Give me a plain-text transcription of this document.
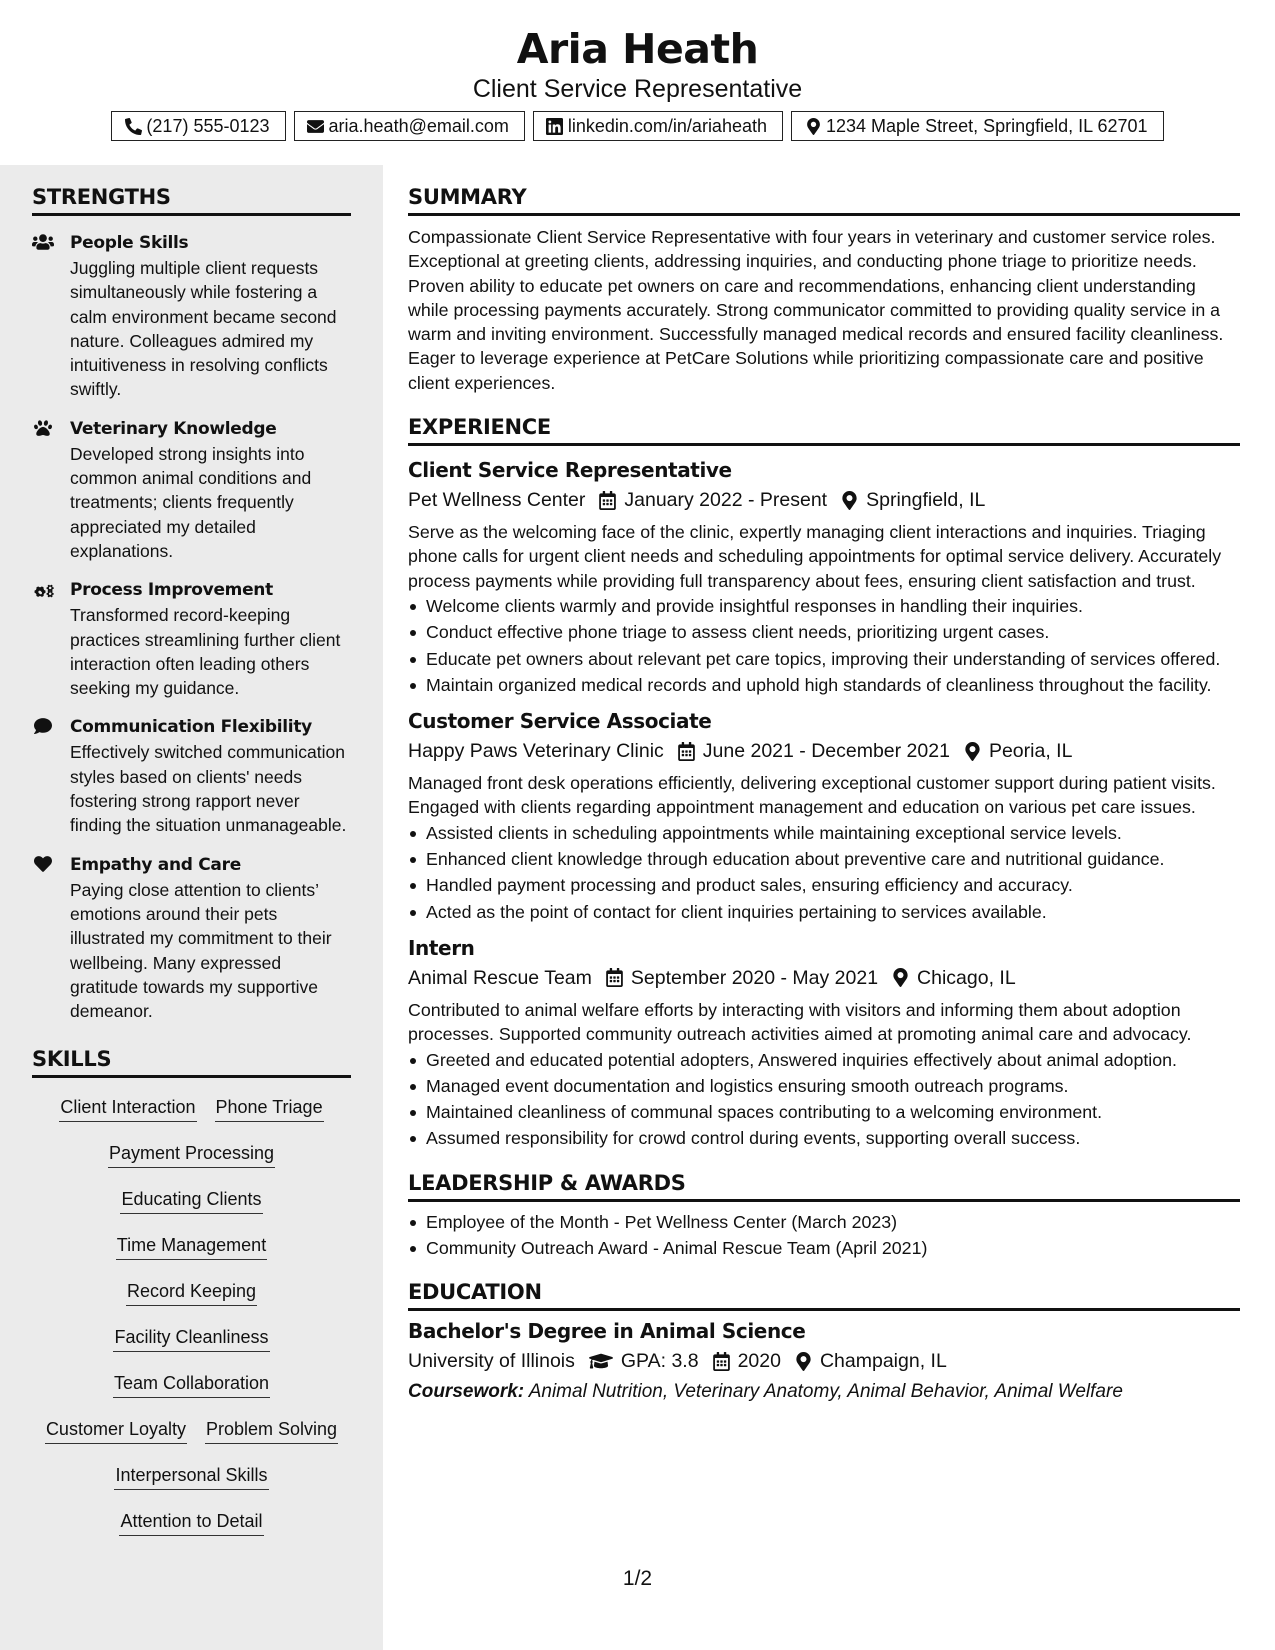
Aria Heath
Client Service Representative
(217) 555-0123	aria.heath@email.com	linkedin.com/in/ariaheath	1234 Maple Street, Springfield, IL 62701
STRENGTHS
People Skills
Juggling multiple client requests simultaneously while fostering a calm environment became second nature. Colleagues admired my intuitiveness in resolving conflicts swiftly.
Veterinary Knowledge
Developed strong insights into common animal conditions and treatments; clients frequently appreciated my detailed explanations.
Process Improvement
Transformed record-keeping practices streamlining further client interaction often leading others seeking my guidance.
Communication Flexibility
Effectively switched communication styles based on clients' needs fostering strong rapport never finding the situation unmanageable.
Empathy and Care
Paying close attention to clients’ emotions around their pets illustrated my commitment to their wellbeing. Many expressed gratitude towards my supportive demeanor.
SKILLS
Client Interaction Phone Triage
Payment Processing
Educating Clients
Time Management
Record Keeping
Facility Cleanliness
Team Collaboration
Customer Loyalty Problem Solving
Interpersonal Skills
Attention to Detail
SUMMARY
Compassionate Client Service Representative with four years in veterinary and customer service roles. Exceptional at greeting clients, addressing inquiries, and conducting phone triage to prioritize needs. Proven ability to educate pet owners on care and recommendations, enhancing client understanding while processing payments accurately. Strong communicator committed to providing quality service in a warm and inviting environment. Successfully managed medical records and ensured facility cleanliness. Eager to leverage experience at PetCare Solutions while prioritizing compassionate care and positive client experiences.
EXPERIENCE
Client Service Representative
Pet Wellness Center January 2022 - Present Springfield, IL
Serve as the welcoming face of the clinic, expertly managing client interactions and inquiries. Triaging phone calls for urgent client needs and scheduling appointments for optimal service delivery. Accurately process payments while providing full transparency about fees, ensuring client satisfaction and trust.
Welcome clients warmly and provide insightful responses in handling their inquiries.
Conduct effective phone triage to assess client needs, prioritizing urgent cases.
Educate pet owners about relevant pet care topics, improving their understanding of services offered.
Maintain organized medical records and uphold high standards of cleanliness throughout the facility.
Customer Service Associate
Happy Paws Veterinary Clinic June 2021 - December 2021 Peoria, IL
Managed front desk operations efficiently, delivering exceptional customer support during patient visits. Engaged with clients regarding appointment management and education on various pet care issues.
Assisted clients in scheduling appointments while maintaining exceptional service levels.
Enhanced client knowledge through education about preventive care and nutritional guidance.
Handled payment processing and product sales, ensuring efficiency and accuracy.
Acted as the point of contact for client inquiries pertaining to services available.
Intern
Animal Rescue Team September 2020 - May 2021 Chicago, IL
Contributed to animal welfare efforts by interacting with visitors and informing them about adoption processes. Supported community outreach activities aimed at promoting animal care and advocacy.
Greeted and educated potential adopters, Answered inquiries effectively about animal adoption.
Managed event documentation and logistics ensuring smooth outreach programs.
Maintained cleanliness of communal spaces contributing to a welcoming environment.
Assumed responsibility for crowd control during events, supporting overall success.
LEADERSHIP & AWARDS
Employee of the Month - Pet Wellness Center (March 2023)
Community Outreach Award - Animal Rescue Team (April 2021)
EDUCATION
Bachelor's Degree in Animal Science
University of Illinois GPA: 3.8 2020 Champaign, IL
Coursework: Animal Nutrition, Veterinary Anatomy, Animal Behavior, Animal Welfare
1/2
